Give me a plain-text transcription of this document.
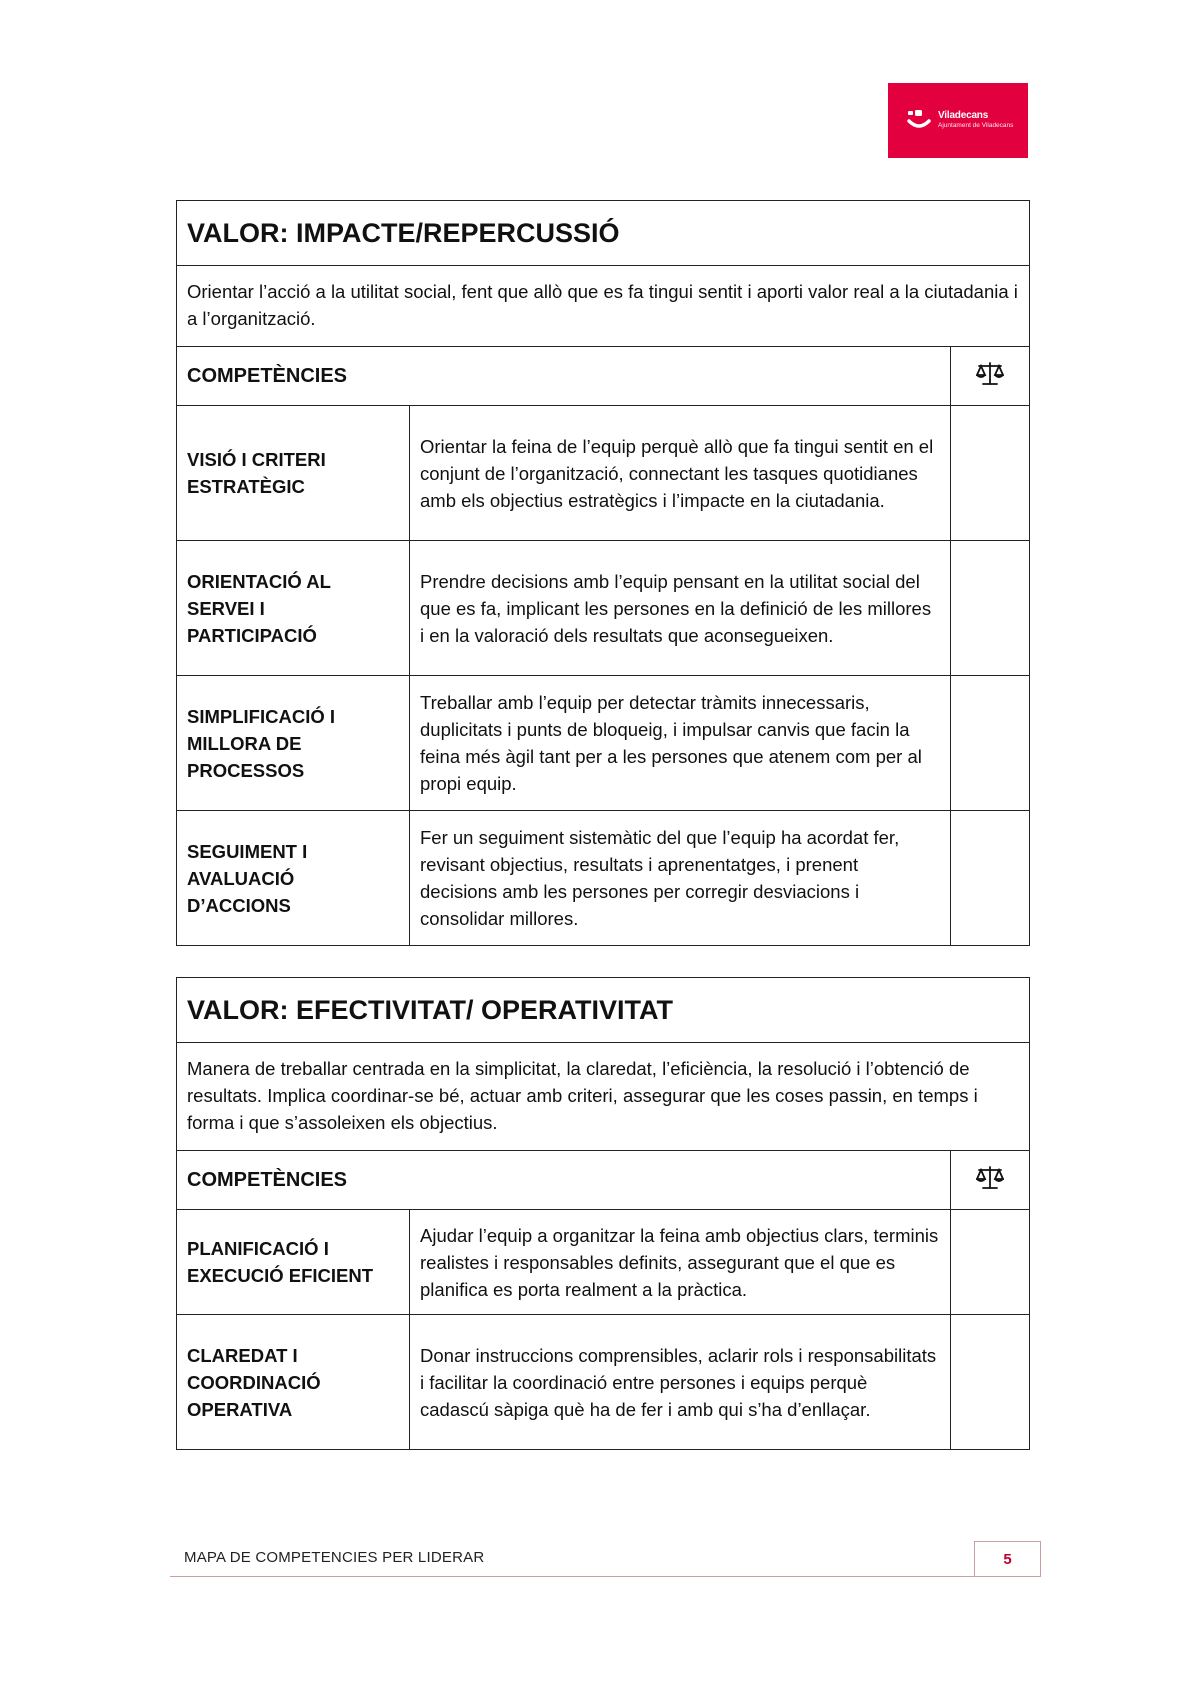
Viladecans
Ajuntament de Viladecans
VALOR: IMPACTE/REPERCUSSIÓ		
Orientar l’acció a la utilitat social, fent que allò que es fa tingui sentit i aporti valor real a la ciutadania i a l’organització.		
COMPETÈNCIES	
VISIÓ I CRITERI ESTRATÈGIC	Orientar la feina de l’equip perquè allò que fa tingui sentit en el conjunt de l’organització, connectant les tasques quotidianes amb els objectius estratègics i l’impacte en la ciutadania.	
ORIENTACIÓ AL SERVEI I PARTICIPACIÓ	Prendre decisions amb l’equip pensant en la utilitat social del que es fa, implicant les persones en la definició de les millores i en la valoració dels resultats que aconsegueixen.	
SIMPLIFICACIÓ I MILLORA DE PROCESSOS	Treballar amb l’equip per detectar tràmits innecessaris, duplicitats i punts de bloqueig, i impulsar canvis que facin la feina més àgil tant per a les persones que atenem com per al propi equip.	
SEGUIMENT I AVALUACIÓ D’ACCIONS	Fer un seguiment sistemàtic del que l’equip ha acordat fer, revisant objectius, resultats i aprenentatges, i prenent decisions amb les persones per corregir desviacions i consolidar millores.	
VALOR: EFECTIVITAT/ OPERATIVITAT		
Manera de treballar centrada en la simplicitat, la claredat, l’eficiència, la resolució i l’obtenció de resultats. Implica coordinar-se bé, actuar amb criteri, assegurar que les coses passin, en temps i forma i que s’assoleixen els objectius.		
COMPETÈNCIES	
PLANIFICACIÓ I EXECUCIÓ EFICIENT	Ajudar l’equip a organitzar la feina amb objectius clars, terminis realistes i responsables definits, assegurant que el que es planifica es porta realment a la pràctica.	
CLAREDAT I COORDINACIÓ OPERATIVA	Donar instruccions comprensibles, aclarir rols i responsabilitats i facilitar la coordinació entre persones i equips perquè cadascú sàpiga què ha de fer i amb qui s’ha d’enllaçar.	
MAPA DE COMPETENCIES PER LIDERAR	5
